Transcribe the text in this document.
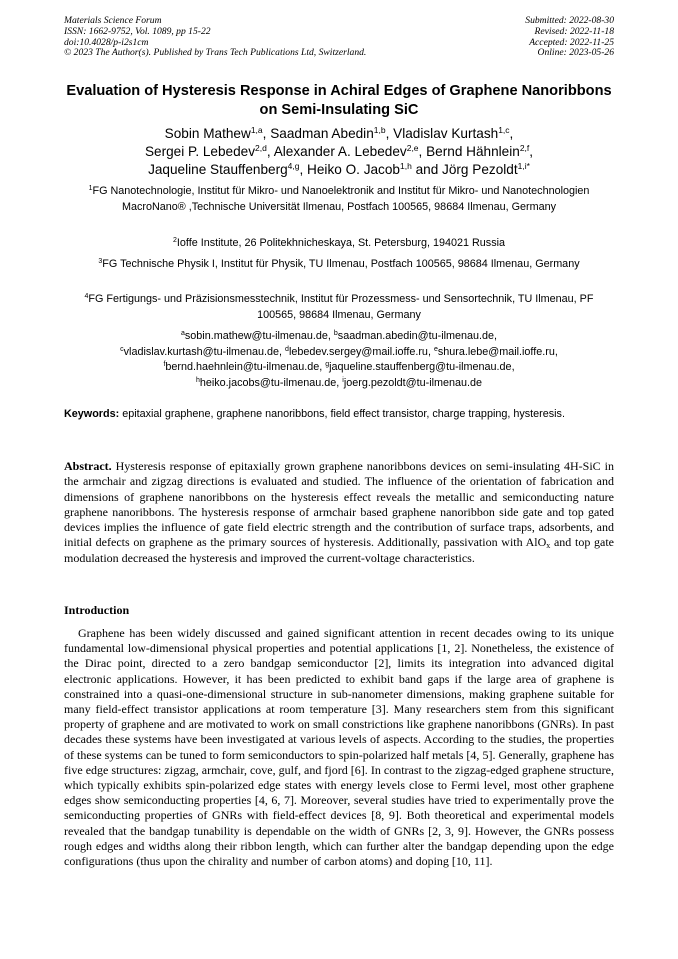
Materials Science Forum
ISSN: 1662-9752, Vol. 1089, pp 15-22
doi:10.4028/p-i2s1cm
© 2023 The Author(s). Published by Trans Tech Publications Ltd, Switzerland.
Submitted: 2022-08-30
Revised: 2022-11-18
Accepted: 2022-11-25
Online: 2023-05-26
Evaluation of Hysteresis Response in Achiral Edges of Graphene Nanoribbons on Semi-Insulating SiC
Sobin Mathew$^{1,a}$, Saadman Abedin$^{1,b}$, Vladislav Kurtash$^{1,c}$,
Sergei P. Lebedev$^{2,d}$, Alexander A. Lebedev$^{2,e}$, Bernd Hähnlein$^{2,f}$,
Jaqueline Stauffenberg$^{4,g}$, Heiko O. Jacob$^{1,h}$ and Jörg Pezoldt$^{1,i*}$
$^1$FG Nanotechnologie, Institut für Mikro- und Nanoelektronik and Institut für Mikro- und Nanotechnologien MacroNano® ,Technische Universität Ilmenau, Postfach 100565, 98684 Ilmenau, Germany
$^2$Ioffe Institute, 26 Politekhnicheskaya, St. Petersburg, 194021 Russia
$^3$FG Technische Physik I, Institut für Physik, TU Ilmenau, Postfach 100565, 98684 Ilmenau, Germany
$^4$FG Fertigungs- und Präzisionsmesstechnik, Institut für Prozessmess- und Sensortechnik, TU Ilmenau, PF 100565, 98684 Ilmenau, Germany
$^a$sobin.mathew@tu-ilmenau.de, $^b$saadman.abedin@tu-ilmenau.de,
$^c$vladislav.kurtash@tu-ilmenau.de, $^d$lebedev.sergey@mail.ioffe.ru, $^e$shura.lebe@mail.ioffe.ru,
$^f$bernd.haehnlein@tu-ilmenau.de, $^g$jaqueline.stauffenberg@tu-ilmenau.de,
$^h$heiko.jacobs@tu-ilmenau.de, $^i$joerg.pezoldt@tu-ilmenau.de
Keywords: epitaxial graphene, graphene nanoribbons, field effect transistor, charge trapping, hysteresis.
Abstract. Hysteresis response of epitaxially grown graphene nanoribbons devices on semi-insulating 4H-SiC in the armchair and zigzag directions is evaluated and studied. The influence of the orientation of fabrication and dimensions of graphene nanoribbons on the hysteresis effect reveals the metallic and semiconducting nature graphene nanoribbons. The hysteresis response of armchair based graphene nanoribbon side gate and top gated devices implies the influence of gate field electric strength and the contribution of surface traps, adsorbents, and initial defects on graphene as the primary sources of hysteresis. Additionally, passivation with AlO$_x$ and top gate modulation decreased the hysteresis and improved the current-voltage characteristics.
Introduction
Graphene has been widely discussed and gained significant attention in recent decades owing to its unique fundamental low-dimensional physical properties and potential applications [1, 2]. Nonetheless, the existence of the Dirac point, directed to a zero bandgap semiconductor [2], limits its integration into advanced digital electronic applications. However, it has been predicted to exhibit band gaps if the large area of graphene is constrained into a quasi-one-dimensional structure in sub-nanometer dimensions, making graphene suitable for many field-effect transistor applications at room temperature [3]. Many researchers stem from this significant property of graphene and are motivated to work on small constrictions like graphene nanoribbons (GNRs). In past decades these systems have been investigated at various levels of aspects. According to the studies, the properties of these systems can be tuned to form semiconductors to spin-polarized half metals [4, 5]. Generally, graphene has five edge structures: zigzag, armchair, cove, gulf, and fjord [6]. In contrast to the zigzag-edged graphene structure, which typically exhibits spin-polarized edge states with energy levels close to Fermi level, most other graphene edges show semiconducting properties [4, 6, 7]. Moreover, several studies have tried to experimentally prove the semiconducting properties of GNRs with field-effect devices [8, 9]. Both theoretical and experimental models revealed that the bandgap tunability is dependable on the width of GNRs [2, 3, 9]. However, the GNRs possess rough edges and widths along their ribbon length, which can further alter the bandgap depending upon the edge configurations (thus upon the chirality and number of carbon atoms) and doping [10, 11].
